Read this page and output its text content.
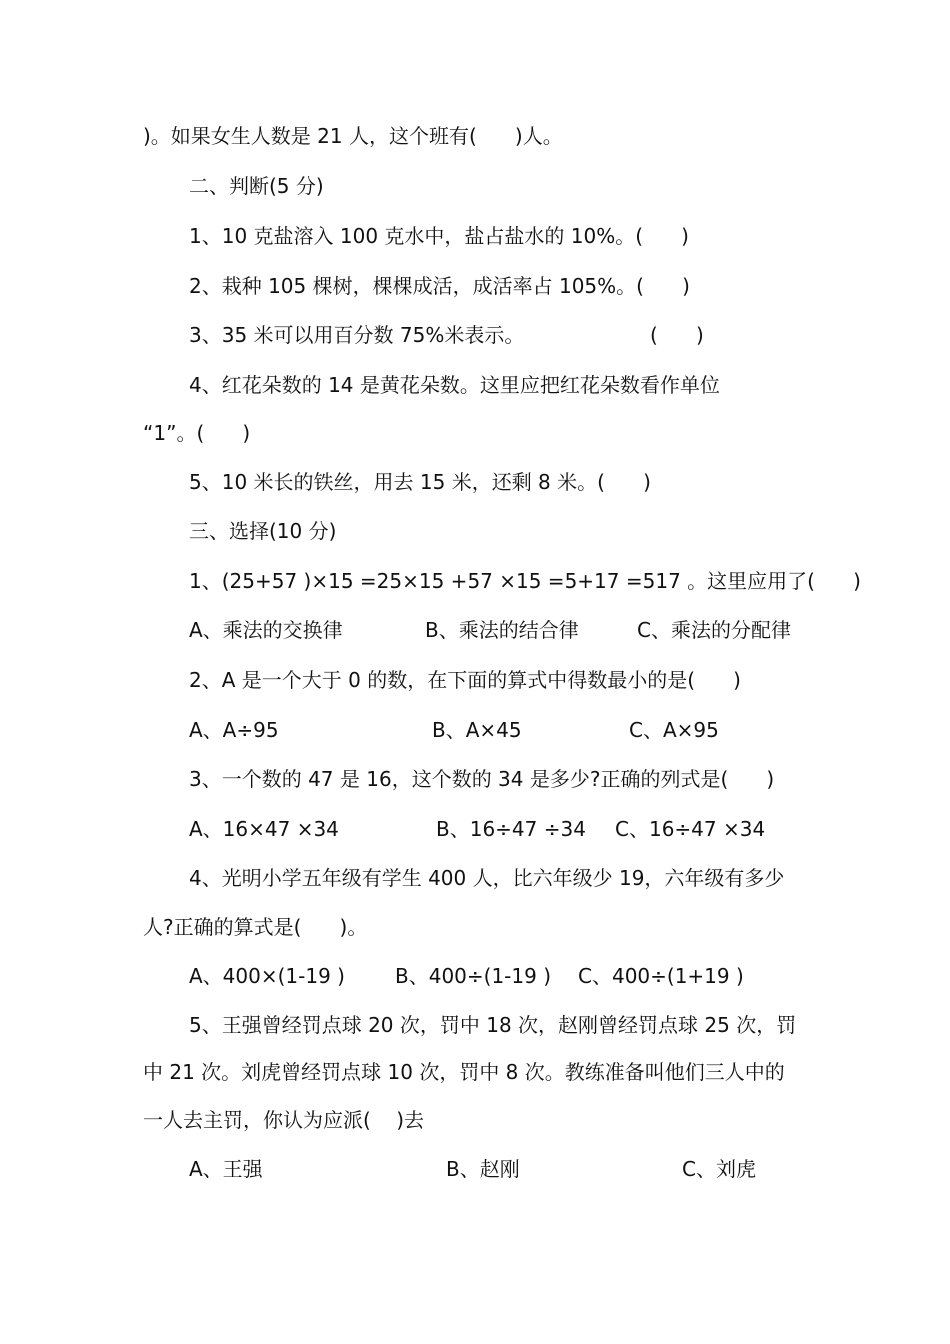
)。如果女生人数是 21 人，这个班有(      )人。

二、判断(5 分)

1、10 克盐溶入 100 克水中，盐占盐水的 10%。(      )

2、栽种 105 棵树，棵棵成活，成活率占 105%。(      )

3、35 米可以用百分数 75%米表示。	(      )

4、红花朵数的 14 是黄花朵数。这里应把红花朵数看作单位

“1”。(      )

5、10 米长的铁丝，用去 15 米，还剩 8 米。(      )

三、选择(10 分)

1、(25+57 )×15 =25×15 +57 ×15 =5+17 =517 。这里应用了(      )

A、乘法的交换律	B、乘法的结合律	C、乘法的分配律

2、A 是一个大于 0 的数，在下面的算式中得数最小的是(      )

A、A÷95	B、A×45	C、A×95

3、一个数的 47 是 16，这个数的 34 是多少?正确的列式是(      )

A、16×47 ×34	B、16÷47 ÷34 C、16÷47 ×34

4、光明小学五年级有学生 400 人，比六年级少 19，六年级有多少

人?正确的算式是(      )。

A、400×(1-19 )	B、400÷(1-19 ) C、400÷(1+19 )

5、王强曾经罚点球 20 次，罚中 18 次，赵刚曾经罚点球 25 次，罚

中 21 次。刘虎曾经罚点球 10 次，罚中 8 次。教练准备叫他们三人中的

一人去主罚，你认为应派(    )去

A、王强	B、赵刚	C、刘虎
